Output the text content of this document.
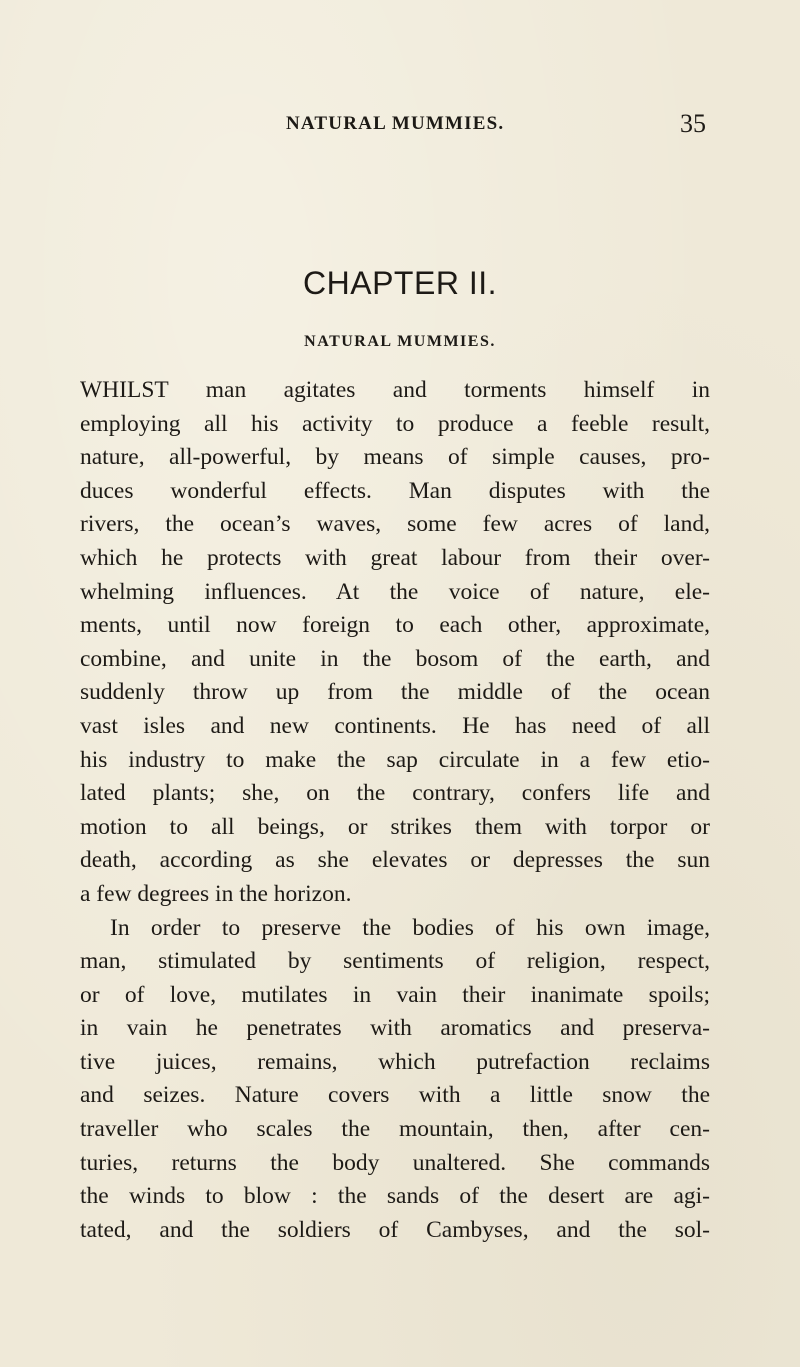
NATURAL MUMMIES.	35
CHAPTER II.
NATURAL MUMMIES.
WHILST man agitates and torments himself in
employing all his activity to produce a feeble result,
nature, all-powerful, by means of simple causes, pro-
duces wonderful effects. Man disputes with the
rivers, the ocean’s waves, some few acres of land,
which he protects with great labour from their over-
whelming influences. At the voice of nature, ele-
ments, until now foreign to each other, approximate,
combine, and unite in the bosom of the earth, and
suddenly throw up from the middle of the ocean
vast isles and new continents. He has need of all
his industry to make the sap circulate in a few etio-
lated plants; she, on the contrary, confers life and
motion to all beings, or strikes them with torpor or
death, according as she elevates or depresses the sun
a few degrees in the horizon.
In order to preserve the bodies of his own image,
man, stimulated by sentiments of religion, respect,
or of love, mutilates in vain their inanimate spoils;
in vain he penetrates with aromatics and preserva-
tive juices, remains, which putrefaction reclaims
and seizes. Nature covers with a little snow the
traveller who scales the mountain, then, after cen-
turies, returns the body unaltered. She commands
the winds to blow : the sands of the desert are agi-
tated, and the soldiers of Cambyses, and the sol-
